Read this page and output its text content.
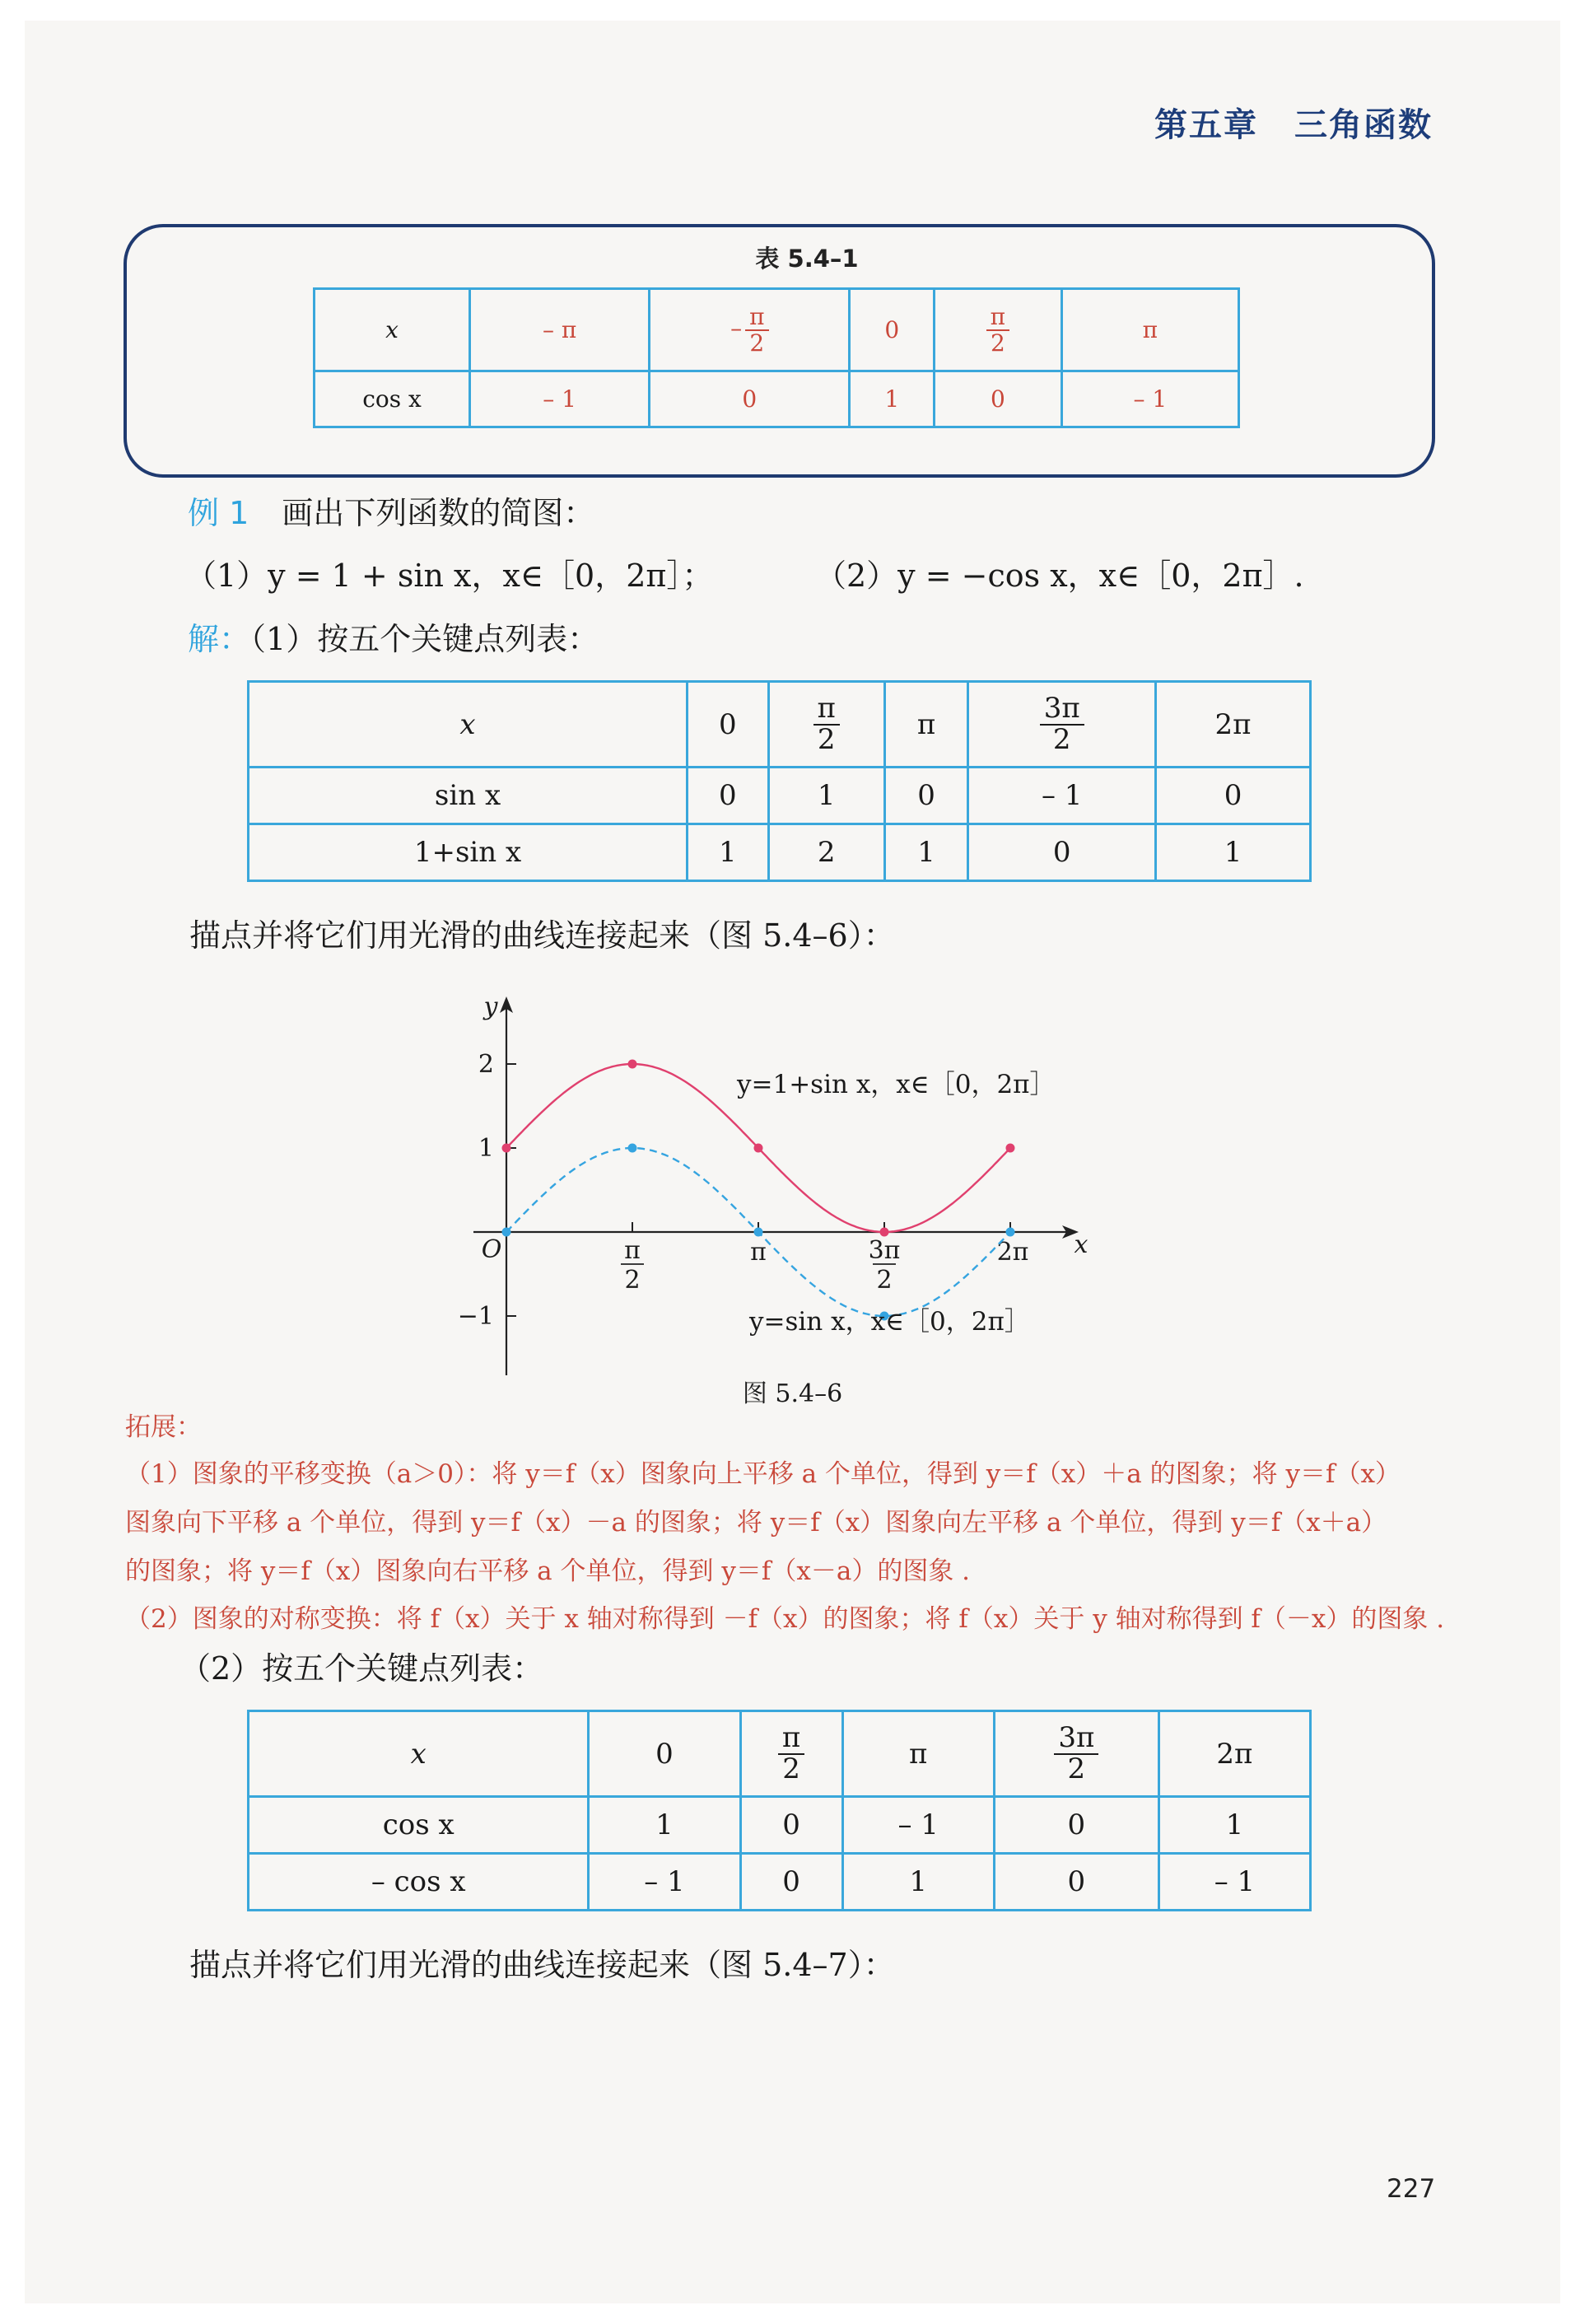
第五章 三角函数
表 5.4–1
x	– π	– $\frac{\pi}{2}$	0	$\frac{\pi}{2}$	π
cos x	– 1	0	1	0	– 1
例 1 画出下列函数的简图：
（1）y = 1 + sin x，x∈［0，2π］；	（2）y = −cos x，x∈［0，2π］.
解：（1）按五个关键点列表：
x	0	$\frac{\pi}{2}$	π	$\frac{3\pi}{2}$	2π
sin x	0	1	0	– 1	0
1+sin x	1	2	1	0	1
描点并将它们用光滑的曲线连接起来（图 5.4–6）：
x
y
O
2
1
−1
π
2
π	3π
2
2π
y=1+sin x，x∈［0，2π］
y=sin x，x∈［0，2π］
图 5.4–6
拓展：
（1）图象的平移变换（a＞0）：将 y＝f（x）图象向上平移 a 个单位，得到 y＝f（x）＋a 的图象；将 y＝f（x）
图象向下平移 a 个单位，得到 y＝f（x）－a 的图象；将 y＝f（x）图象向左平移 a 个单位，得到 y＝f（x＋a）
的图象；将 y＝f（x）图象向右平移 a 个单位，得到 y＝f（x－a）的图象 .
（2）图象的对称变换：将 f（x）关于 x 轴对称得到 －f（x）的图象；将 f（x）关于 y 轴对称得到 f（－x）的图象 .
（2）按五个关键点列表：
x	0	$\frac{\pi}{2}$	π	$\frac{3\pi}{2}$	2π
cos x	1	0	– 1	0	1
– cos x	– 1	0	1	0	– 1
描点并将它们用光滑的曲线连接起来（图 5.4–7）：
227
